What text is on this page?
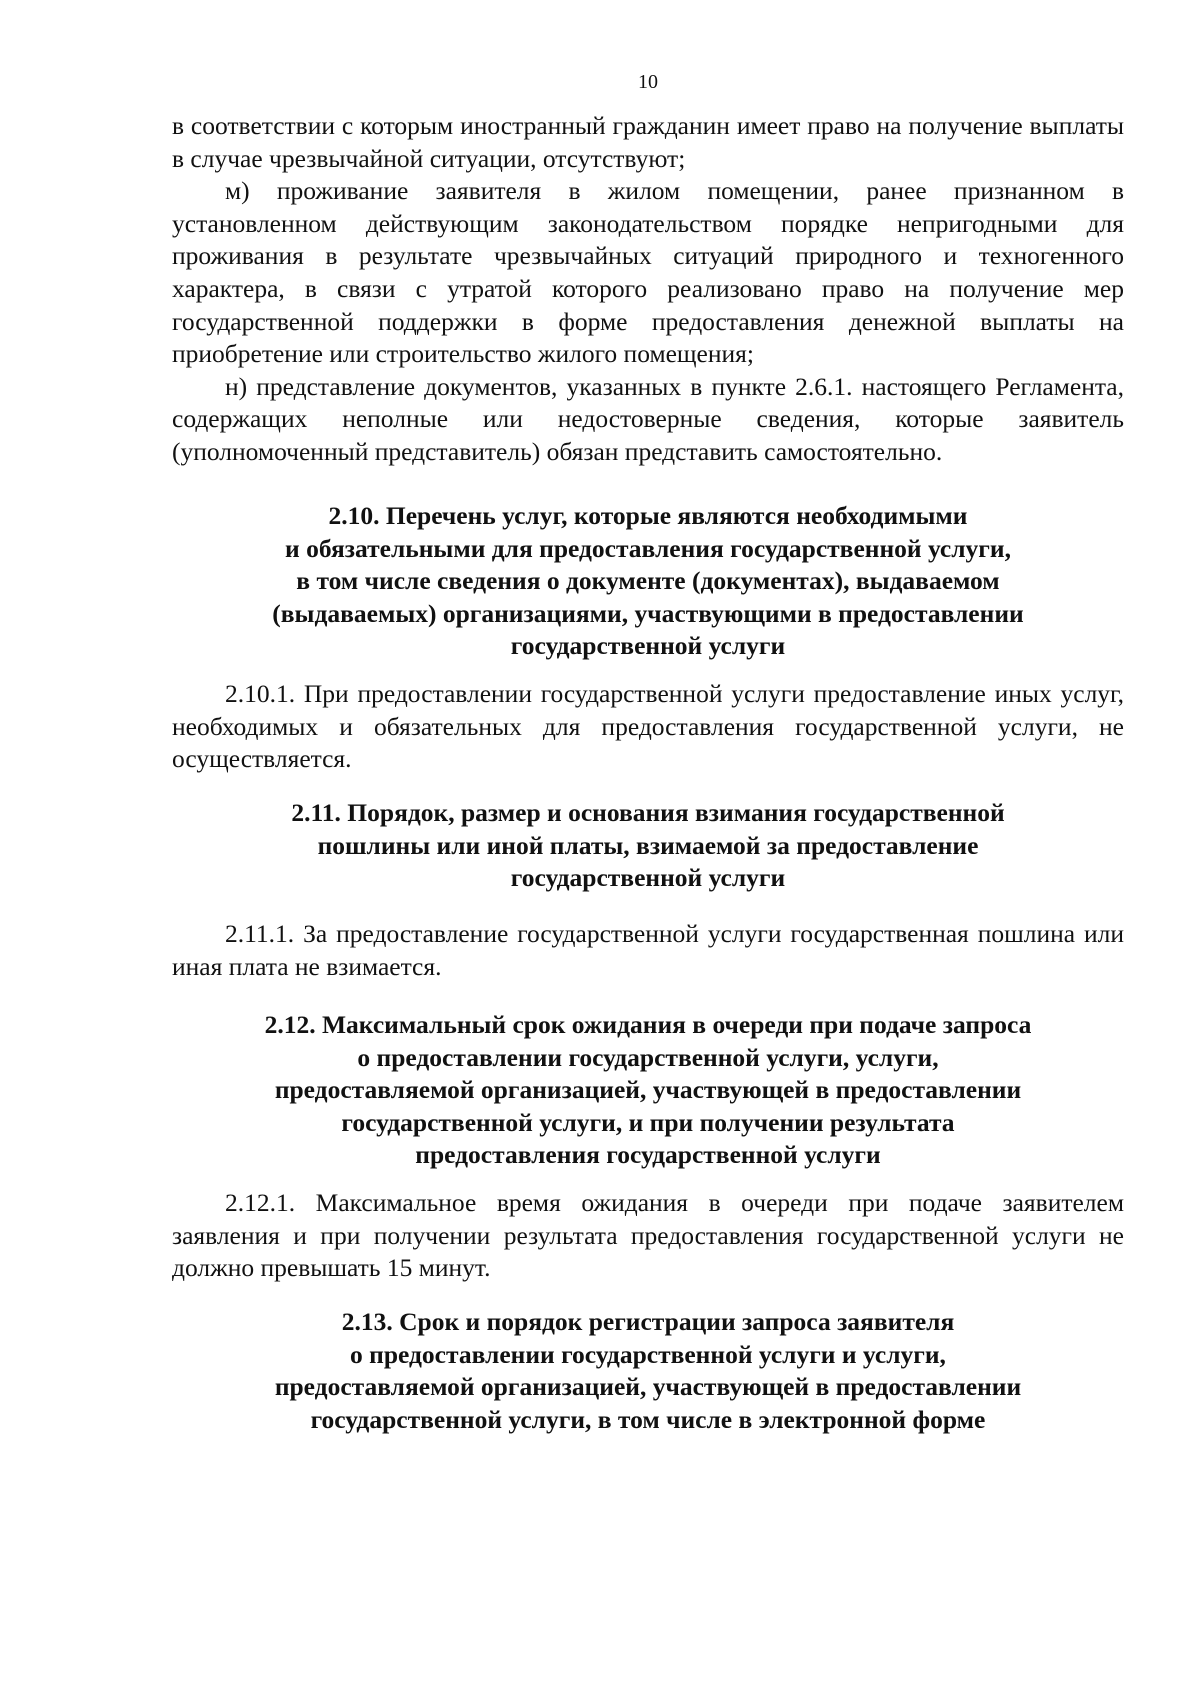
10

в соответствии с которым иностранный гражданин имеет право на получение выплаты в случае чрезвычайной ситуации, отсутствуют;

м) проживание заявителя в жилом помещении, ранее признанном в установленном действующим законодательством порядке непригодными для проживания в результате чрезвычайных ситуаций природного и техногенного характера, в связи с утратой которого реализовано право на получение мер государственной поддержки в форме предоставления денежной выплаты на приобретение или строительство жилого помещения;

н) представление документов, указанных в пункте 2.6.1. настоящего Регламента, содержащих неполные или недостоверные сведения, которые заявитель (уполномоченный представитель) обязан представить самостоятельно.

2.10. Перечень услуг, которые являются необходимыми
и обязательными для предоставления государственной услуги,
в том числе сведения о документе (документах), выдаваемом
(выдаваемых) организациями, участвующими в предоставлении
государственной услуги

2.10.1. При предоставлении государственной услуги предоставление иных услуг, необходимых и обязательных для предоставления государственной услуги, не осуществляется.

2.11. Порядок, размер и основания взимания государственной
пошлины или иной платы, взимаемой за предоставление
государственной услуги

2.11.1. За предоставление государственной услуги государственная пошлина или иная плата не взимается.

2.12. Максимальный срок ожидания в очереди при подаче запроса
о предоставлении государственной услуги, услуги,
предоставляемой организацией, участвующей в предоставлении
государственной услуги, и при получении результата
предоставления государственной услуги

2.12.1. Максимальное время ожидания в очереди при подаче заявителем заявления и при получении результата предоставления государственной услуги не должно превышать 15 минут.

2.13. Срок и порядок регистрации запроса заявителя
о предоставлении государственной услуги и услуги,
предоставляемой организацией, участвующей в предоставлении
государственной услуги, в том числе в электронной форме
